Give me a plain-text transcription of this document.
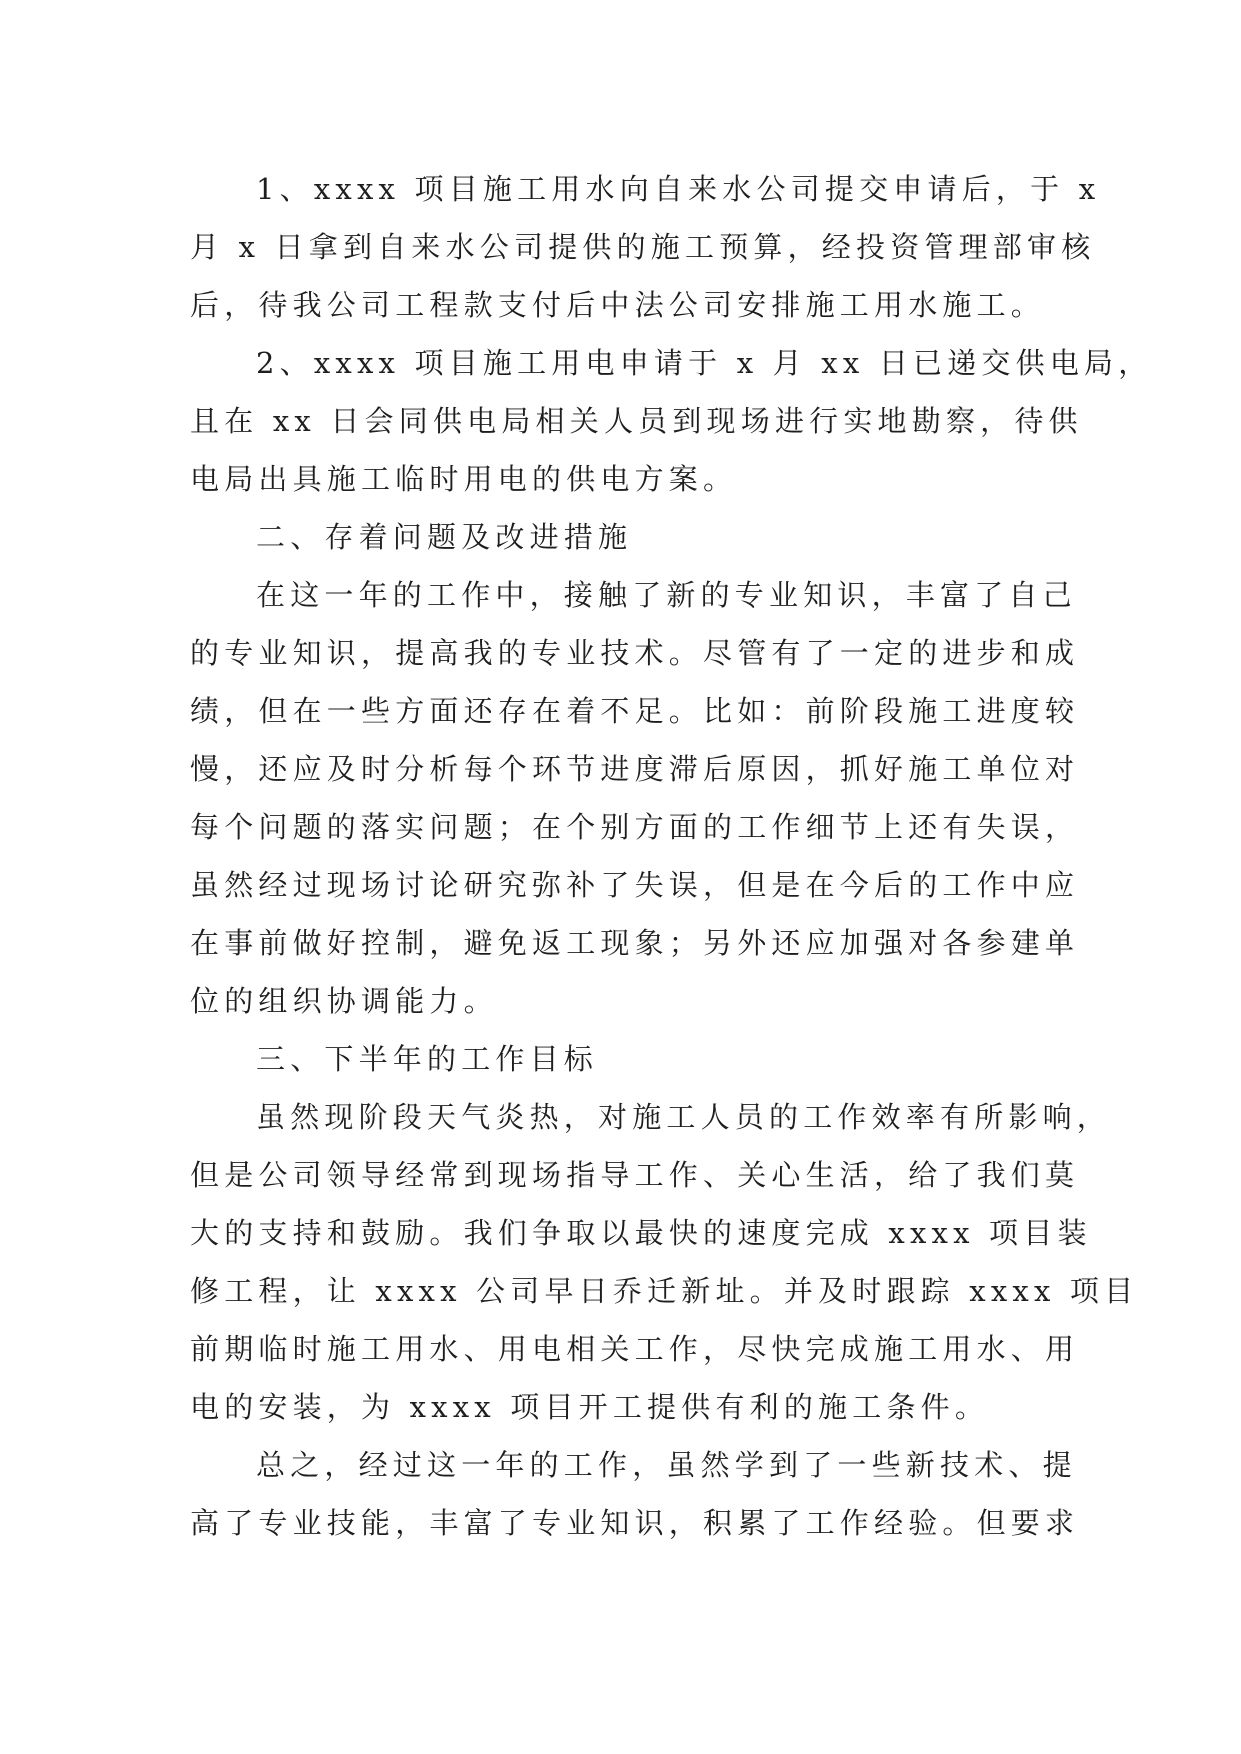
1、xxxx 项目施工用水向自来水公司提交申请后，于 x
月 x 日拿到自来水公司提供的施工预算，经投资管理部审核
后，待我公司工程款支付后中法公司安排施工用水施工。
2、xxxx 项目施工用电申请于 x 月 xx 日已递交供电局，
且在 xx 日会同供电局相关人员到现场进行实地勘察，待供
电局出具施工临时用电的供电方案。
二、存着问题及改进措施
在这一年的工作中，接触了新的专业知识，丰富了自己
的专业知识，提高我的专业技术。尽管有了一定的进步和成
绩，但在一些方面还存在着不足。比如：前阶段施工进度较
慢，还应及时分析每个环节进度滞后原因，抓好施工单位对
每个问题的落实问题；在个别方面的工作细节上还有失误，
虽然经过现场讨论研究弥补了失误，但是在今后的工作中应
在事前做好控制，避免返工现象；另外还应加强对各参建单
位的组织协调能力。
三、下半年的工作目标
虽然现阶段天气炎热，对施工人员的工作效率有所影响，
但是公司领导经常到现场指导工作、关心生活，给了我们莫
大的支持和鼓励。我们争取以最快的速度完成 xxxx 项目装
修工程，让 xxxx 公司早日乔迁新址。并及时跟踪 xxxx 项目
前期临时施工用水、用电相关工作，尽快完成施工用水、用
电的安装，为 xxxx 项目开工提供有利的施工条件。
总之，经过这一年的工作，虽然学到了一些新技术、提
高了专业技能，丰富了专业知识，积累了工作经验。但要求
